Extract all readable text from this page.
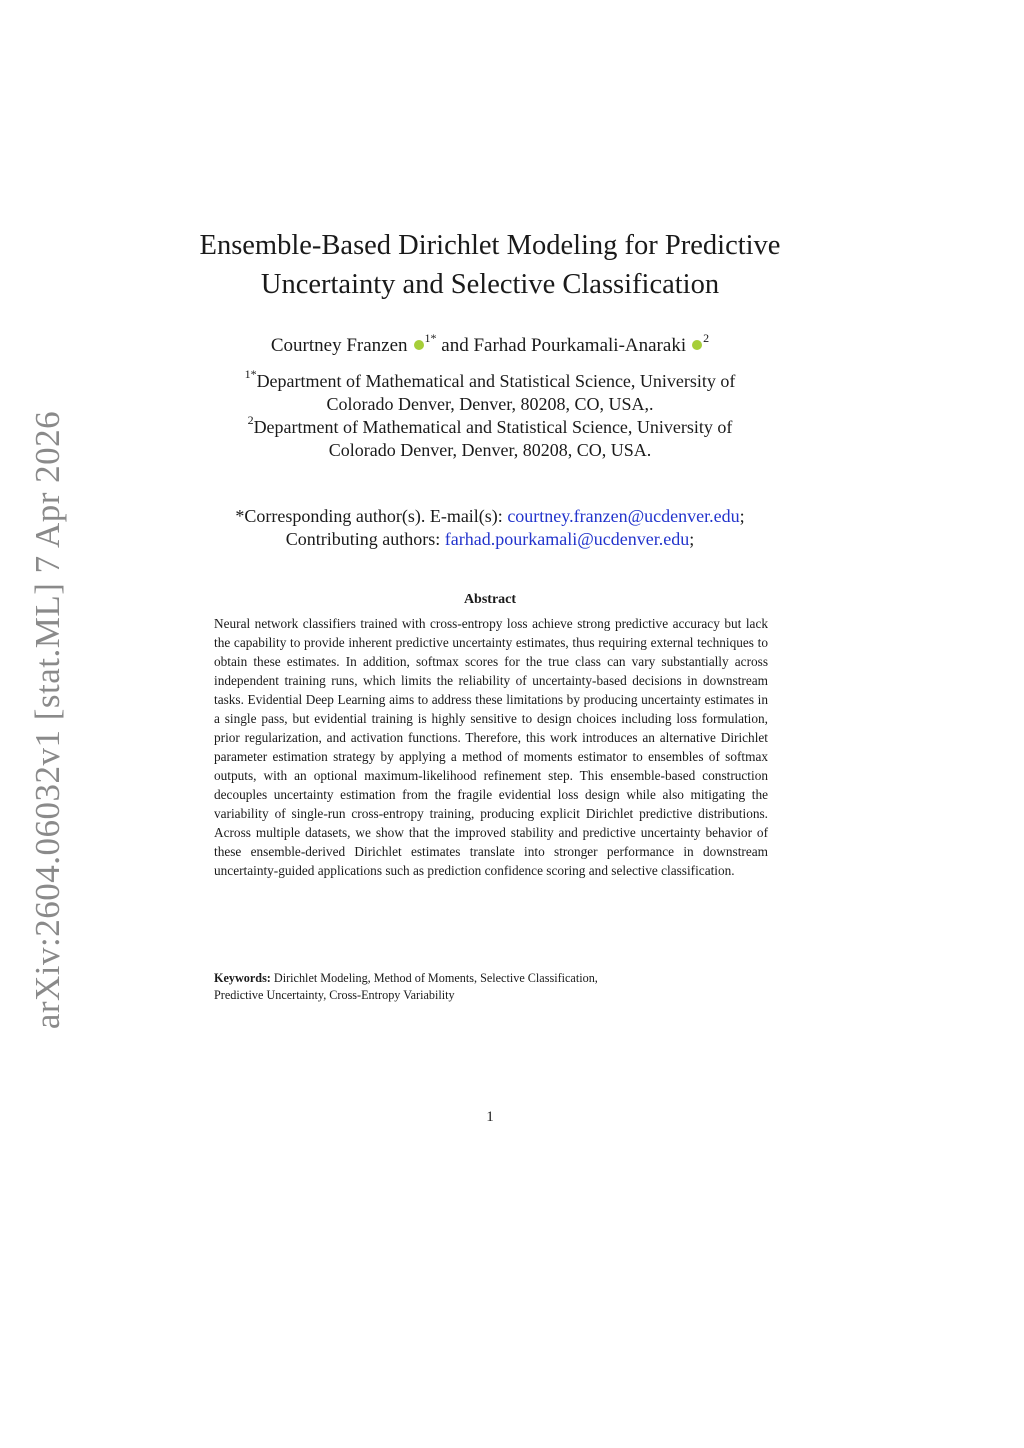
arXiv:2604.06032v1 [stat.ML] 7 Apr 2026
Ensemble-Based Dirichlet Modeling for Predictive
Uncertainty and Selective Classification
Courtney Franzen $^{1*}$ and Farhad Pourkamali-Anaraki $^2$
$^{1*}$Department of Mathematical and Statistical Science, University of
Colorado Denver, Denver, 80208, CO, USA,.
$^2$Department of Mathematical and Statistical Science, University of
Colorado Denver, Denver, 80208, CO, USA.
*Corresponding author(s). E-mail(s): courtney.franzen@ucdenver.edu;
Contributing authors: farhad.pourkamali@ucdenver.edu;
Abstract

Neural network classifiers trained with cross-entropy loss achieve strong predictive accuracy but lack the capability to provide inherent predictive uncertainty estimates, thus requiring external techniques to obtain these estimates. In addition, softmax scores for the true class can vary substantially across independent training runs, which limits the reliability of uncertainty-based decisions in downstream tasks. Evidential Deep Learning aims to address these limitations by producing uncertainty estimates in a single pass, but evidential training is highly sensitive to design choices including loss formulation, prior regularization, and activation functions. Therefore, this work introduces an alternative Dirichlet parameter estimation strategy by applying a method of moments estimator to ensembles of softmax outputs, with an optional maximum-likelihood refinement step. This ensemble-based construction decouples uncertainty estimation from the fragile evidential loss design while also mitigating the variability of single-run cross-entropy training, producing explicit Dirichlet predictive distributions. Across multiple datasets, we show that the improved stability and predictive uncertainty behavior of these ensemble-derived Dirichlet estimates translate into stronger performance in downstream uncertainty-guided applications such as prediction confidence scoring and selective classification.

Keywords: Dirichlet Modeling, Method of Moments, Selective Classification,
Predictive Uncertainty, Cross-Entropy Variability
1
